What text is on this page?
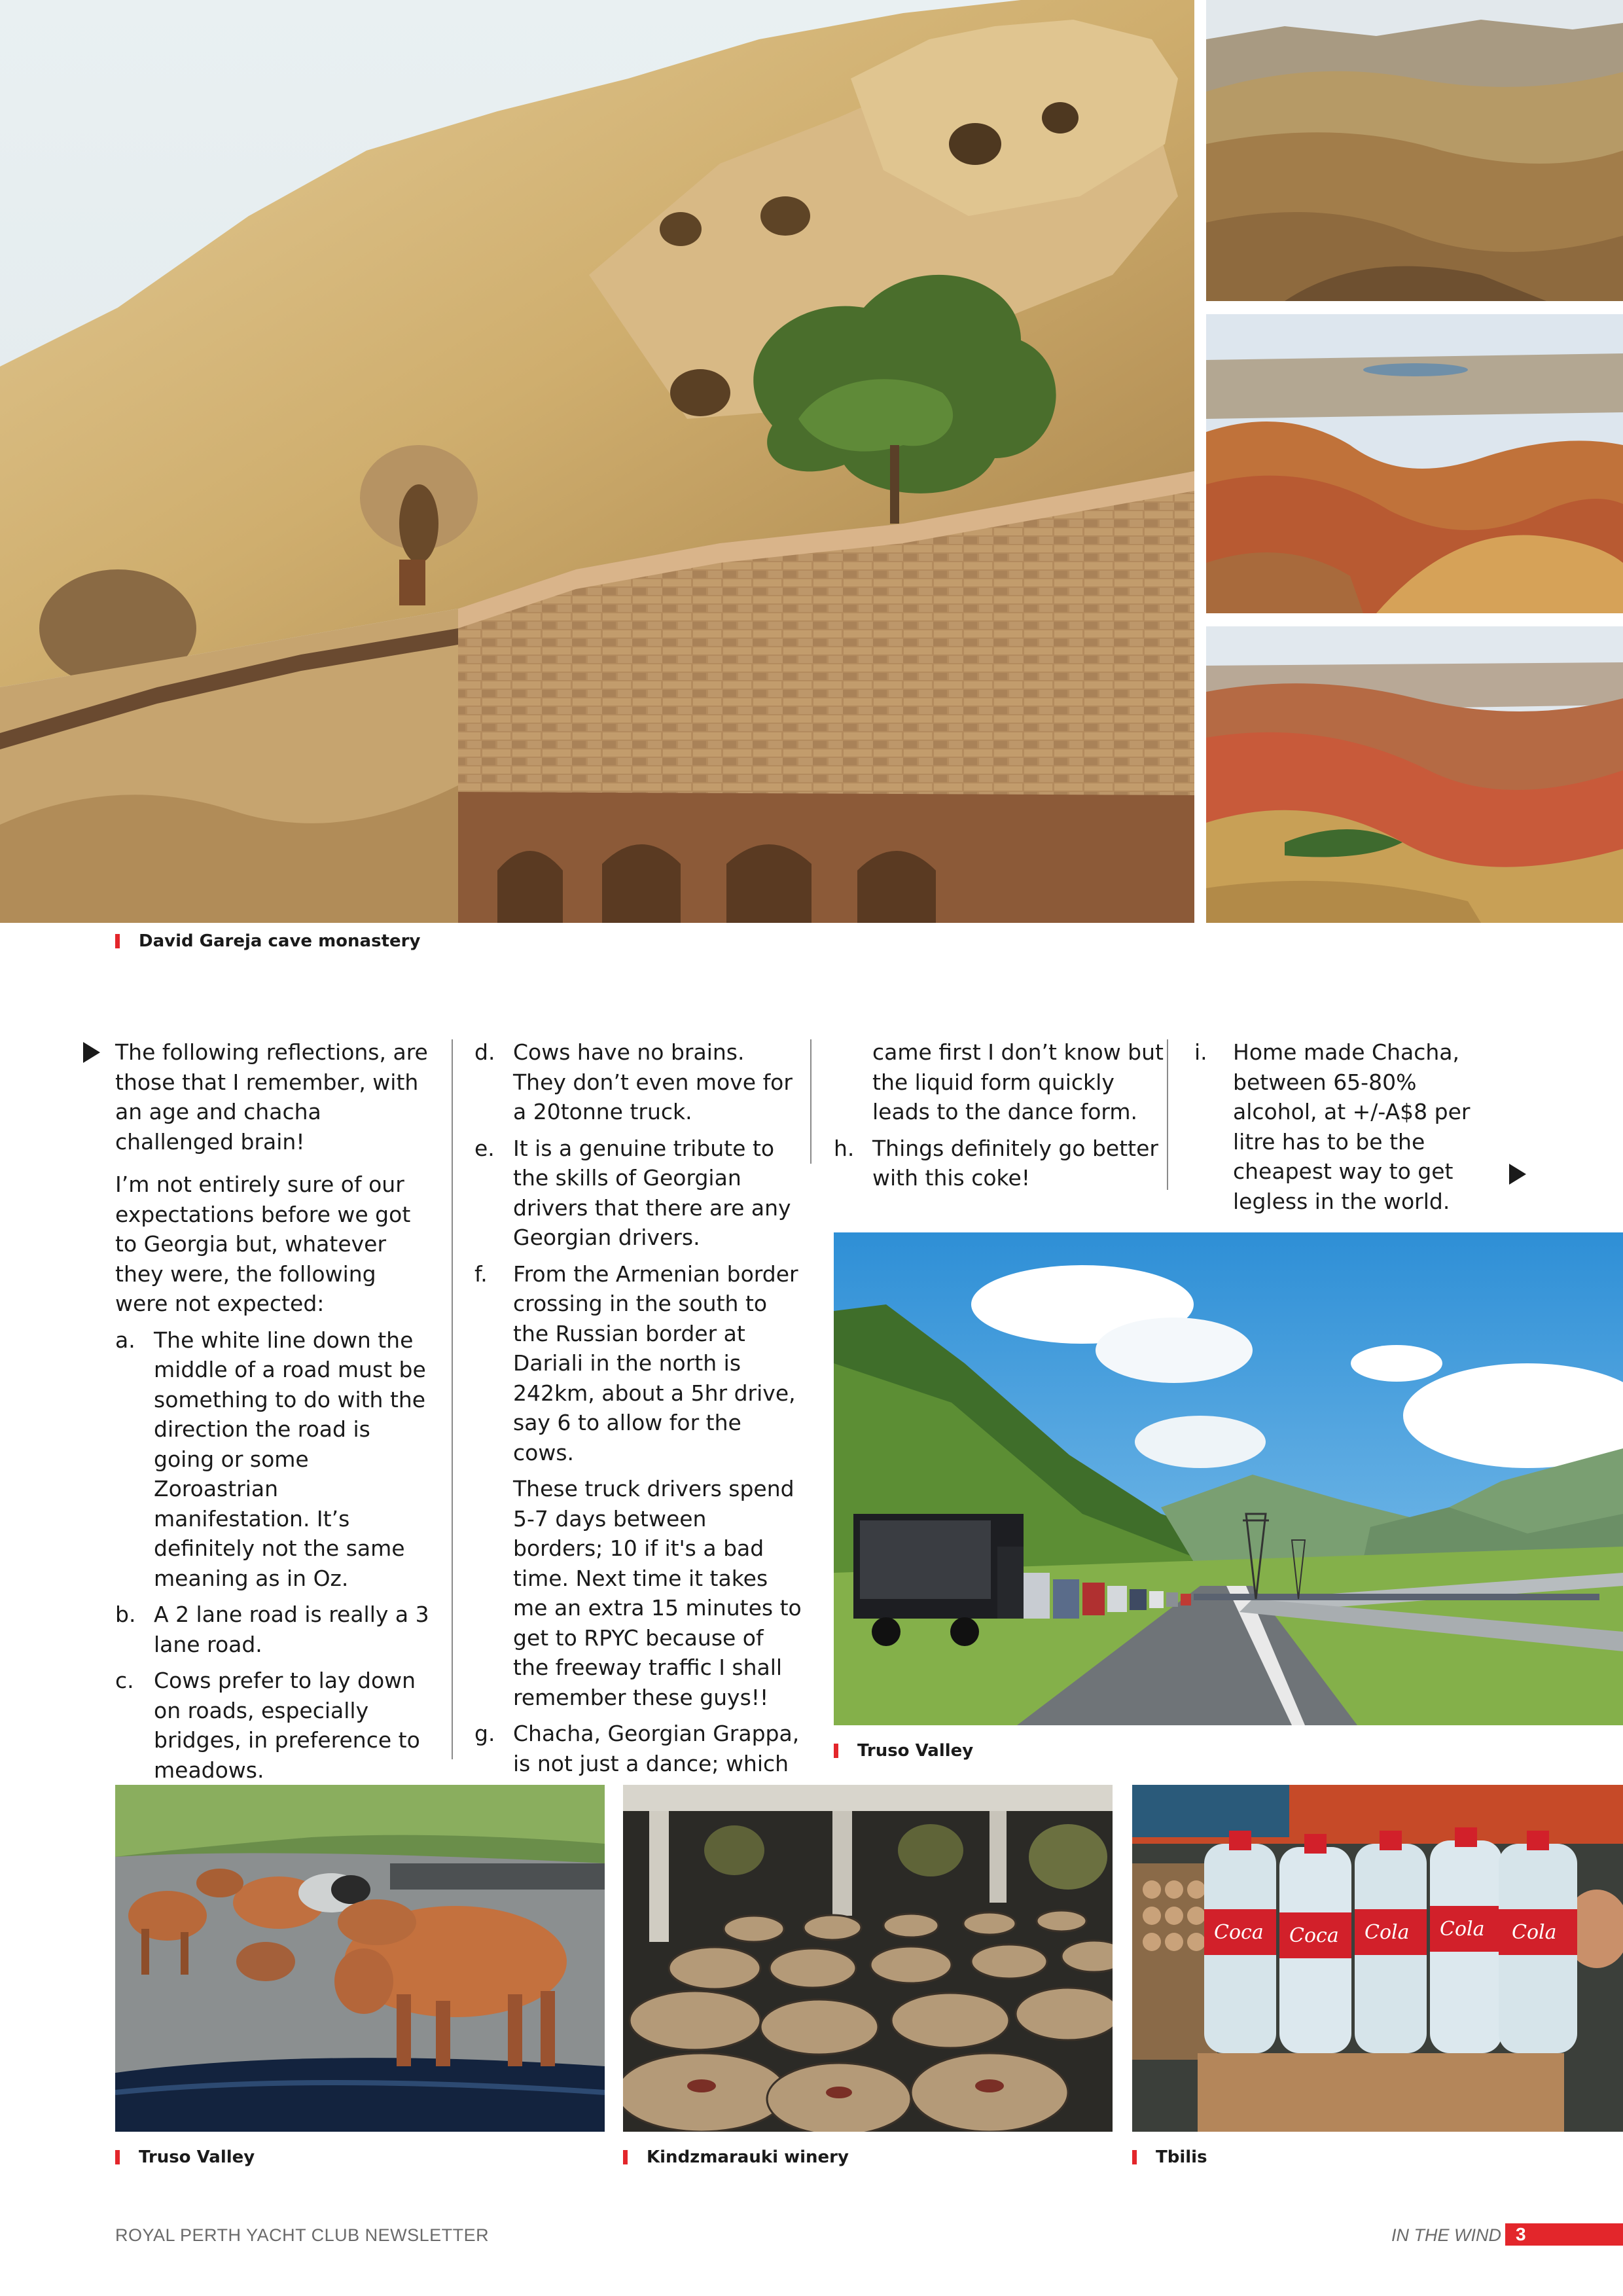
Coca Coca Cola Cola Cola
David Gareja cave monastery
Truso Valley
Truso Valley	Kindzmarauki winery	Tbilis

The following reflections, are those that I remember, with an age and chacha challenged brain!

I’m not entirely sure of our expectations before we got to Georgia but, whatever they were, the following were not expected:

a. The white line down the middle of a road must be something to do with the direction the road is going or some Zoroastrian manifestation. It’s definitely not the same meaning as in Oz.
b. A 2 lane road is really a 3 lane road.
c. Cows prefer to lay down on roads, especially bridges, in preference to meadows.
d. Cows have no brains. They don’t even move for a 20tonne truck.
e. It is a genuine tribute to the skills of Georgian drivers that there are any Georgian drivers.
f.	From the Armenian border crossing in the south to the Russian border at Dariali in the north is 242km, about a 5hr drive, say 6 to allow for the cows.
These truck drivers spend 5-7 days between borders; 10 if it's a bad time. Next time it takes me an extra 15 minutes to get to RPYC because of the freeway traffic I shall remember these guys!!
g. Chacha, Georgian Grappa, is not just a dance; which
came first I don’t know but the liquid form quickly leads to the dance form.
h. Things definitely go better with this coke!
i.	Home made Chacha, between 65-80% alcohol, at +/-A$8 per litre has to be the cheapest way to get legless in the world.
ROYAL PERTH YACHT CLUB NEWSLETTER	IN THE WIND 3
